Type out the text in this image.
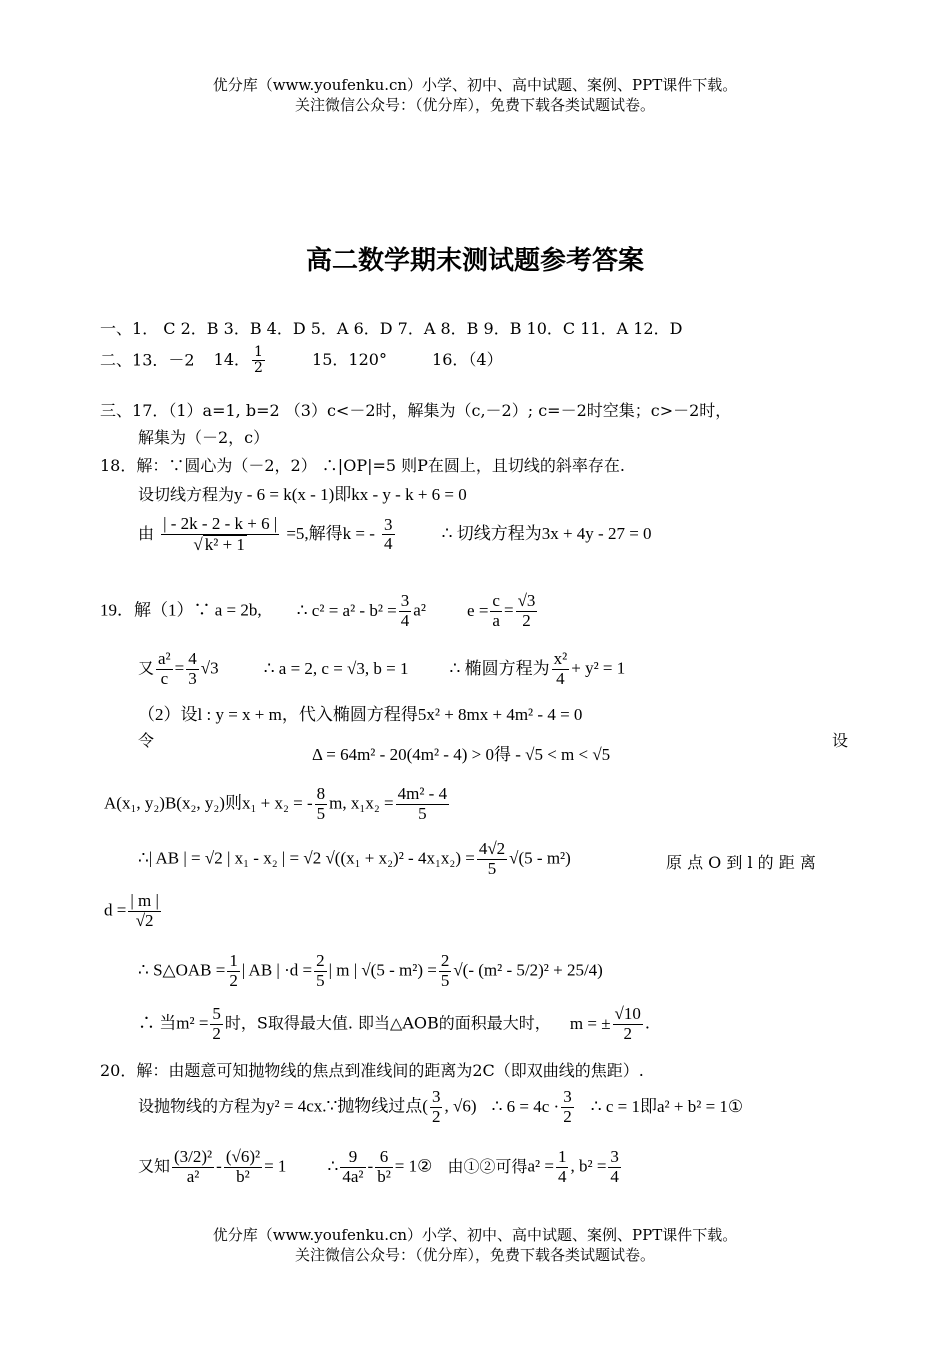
优分库（www.youfenku.cn）小学、初中、高中试题、案例、PPT课件下载。
关注微信公众号：（优分库），免费下载各类试题试卷。
高二数学期末测试题参考答案
一、1． C 2．B 3．B 4．D 5．A 6．D 7．A 8．B 9．B 10．C 11．A 12．D
二、13．－2 14． $\frac{1}{2}$	15．120°	16．（4）
三、17．（1）a=1, b=2 （3）c<－2时，解集为（c,－2）; c=－2时空集；c>－2时，
解集为（－2，c）
18．解：∵圆心为（－2，2） ∴|OP|=5 则P在圆上，且切线的斜率存在.
设切线方程为y - 6 = k(x - 1)即kx - y - k + 6 = 0
由 $\frac{| - 2k - 2 - k + 6 |}{\text{√ k² + 1}} =5$,解得k = - $\frac{3}{4}$	∴ 切线方程为3x + 4y - 27 = 0
19．解（1）∵ a = 2b, ∴ $c^2 = a^2 - b^2 = \frac{3}{4} a^2$ $e = \frac{c}{a} = \frac{√3}{2}$
又 $\frac{\text{a²}}{c} = \frac{4}{3} √3$	∴ a = 2, c = √3, b = 1 ∴ 椭圆方程为 $\frac{\text{x²}}{4} + y^2 = 1$
（2）设l : y = x + m，代入椭圆方程得5x² + 8mx + 4m² - 4 = 0
令
Δ = 64m² - 20(4m² - 4) > 0得 - √5 < m < √5
设
A(x₁, y₂)B(x₂, y₂)则x₁ + x₂ = - $\frac{8}{5} m$, $x_1x_2 = \frac{\text{4m² - 4}}{5}$
∴| AB | = √2 | x₁ - x₂ | = √2 $√((x_1 + x_2)^2 - 4x_1x_2) = \frac{4√2}{5} √(5 - m^2)$	原 点 O 到 l 的 距 离
$d = \frac{| m |}{√2}$
∴ S△OAB = $\frac{1}{2}$ | AB | $\cdot d = \frac{2}{5}$ | m | $√(5 - m^2) = \frac{2}{5}$ √(- (m² - 5/2)² + 25/4)
∴ 当$m^2 = \frac{5}{2}$ 时，S取得最大值. 即当△AOB的面积最大时， m = ± $\frac{√10}{2}$ .
20．解：由题意可知抛物线的焦点到准线间的距离为2C（即双曲线的焦距）.
设抛物线的方程为y² = 4cx.∵抛物线过点( $\frac{3}{2}$ , √6) ∴ $6 = 4c \cdot \frac{3}{2}$ ∴ c = 1即a² + b² = 1①
又知 $\frac{\text{(3/2)²}}{\text{a²}} - \frac{\text{(√6)²}}{\text{b²}} = 1$ ∴ $\frac{9}{\text{4a²}} - \frac{6}{\text{b²}}$ = 1② 由①②可得$a^2 = \frac{1}{4}$ , $b^2 = \frac{3}{4}$
优分库（www.youfenku.cn）小学、初中、高中试题、案例、PPT课件下载。
关注微信公众号：（优分库），免费下载各类试题试卷。
